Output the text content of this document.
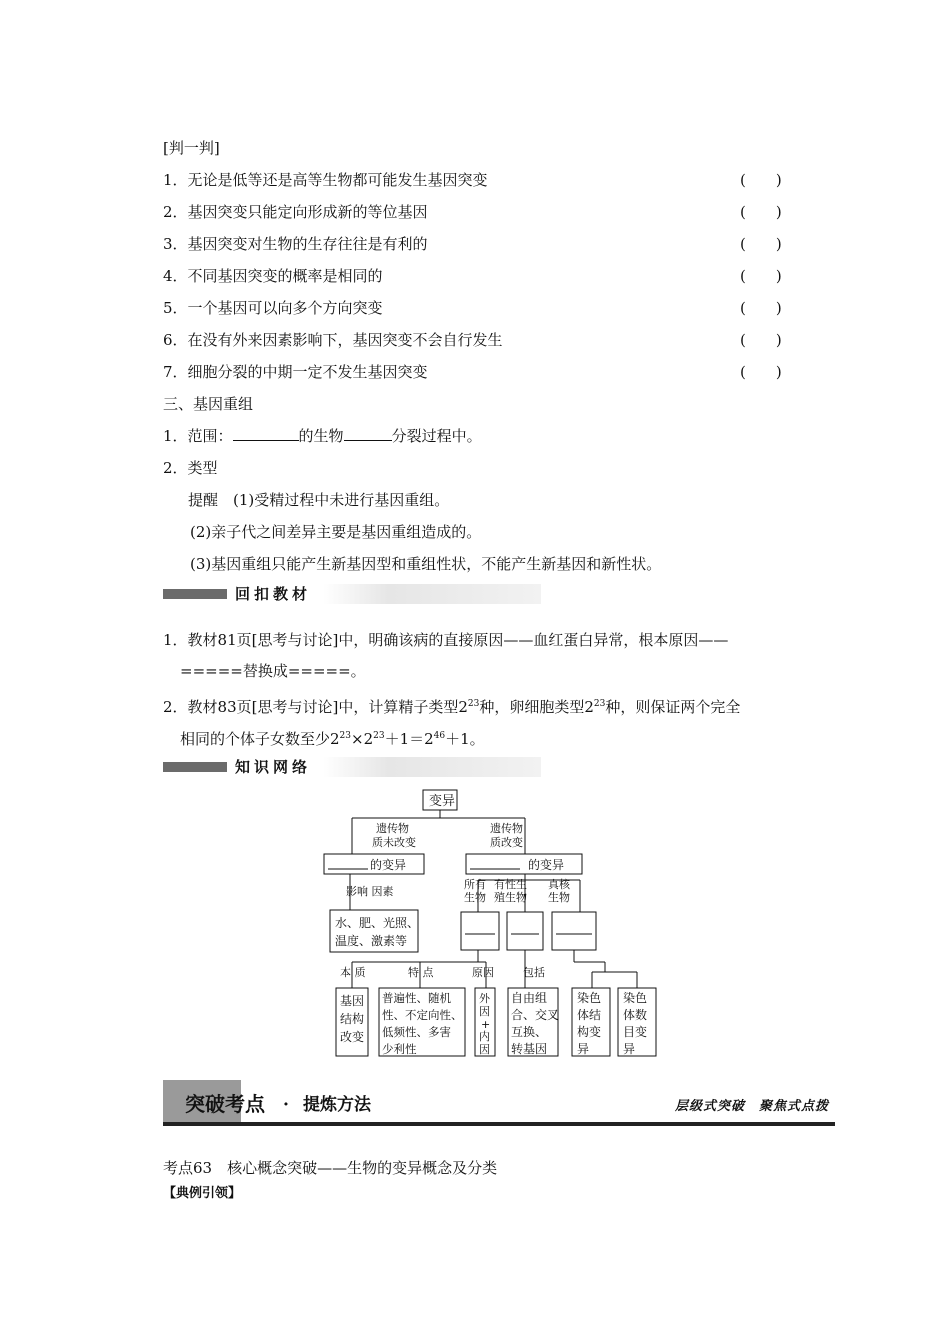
[判一判]
1．无论是低等还是高等生物都可能发生基因突变	(　　)
2．基因突变只能定向形成新的等位基因	(　　)
3．基因突变对生物的生存往往是有利的	(　　)
4．不同基因突变的概率是相同的	(　　)
5．一个基因可以向多个方向突变	(　　)
6．在没有外来因素影响下，基因突变不会自行发生	(　　)
7．细胞分裂的中期一定不发生基因突变	(　　)
三、基因重组
1．范围：	的生物	分裂过程中。
2．类型
提醒　(1)受精过程中未进行基因重组。
(2)亲子代之间差异主要是基因重组造成的。
(3)基因重组只能产生新基因型和重组性状，不能产生新基因和新性状。
回扣教材
1．教材81页[思考与讨论]中，明确该病的直接原因——血红蛋白异常，根本原因——
=====替换成=====。
2．教材83页[思考与讨论]中，计算精子类型$2^{23}$种，卵细胞类型$2^{23}$种，则保证两个完全
相同的个体子女数至少$2^{23}\times 2^{23}+1=2^{46}+1$。
知识网络
变异
遗传物
质未改变
遗传物
质改变
的变异	的变异
影响 因素
水、肥、光照、
温度、激素等
所有
生物
有性生
殖生物
真核
生物
本 质	特 点	原因	包括
基因
结构
改变
普遍性、随机
性、不定向性、
低频性、多害
少利性
外
因
+
内
因
自由组
合、交叉
互换、
转基因
染色
体结
构变
异
染色
体数
目变
异
突破考点 · 提炼方法	层级式突破　聚焦式点拨
考点63　核心概念突破——生物的变异概念及分类
【典例引领】
